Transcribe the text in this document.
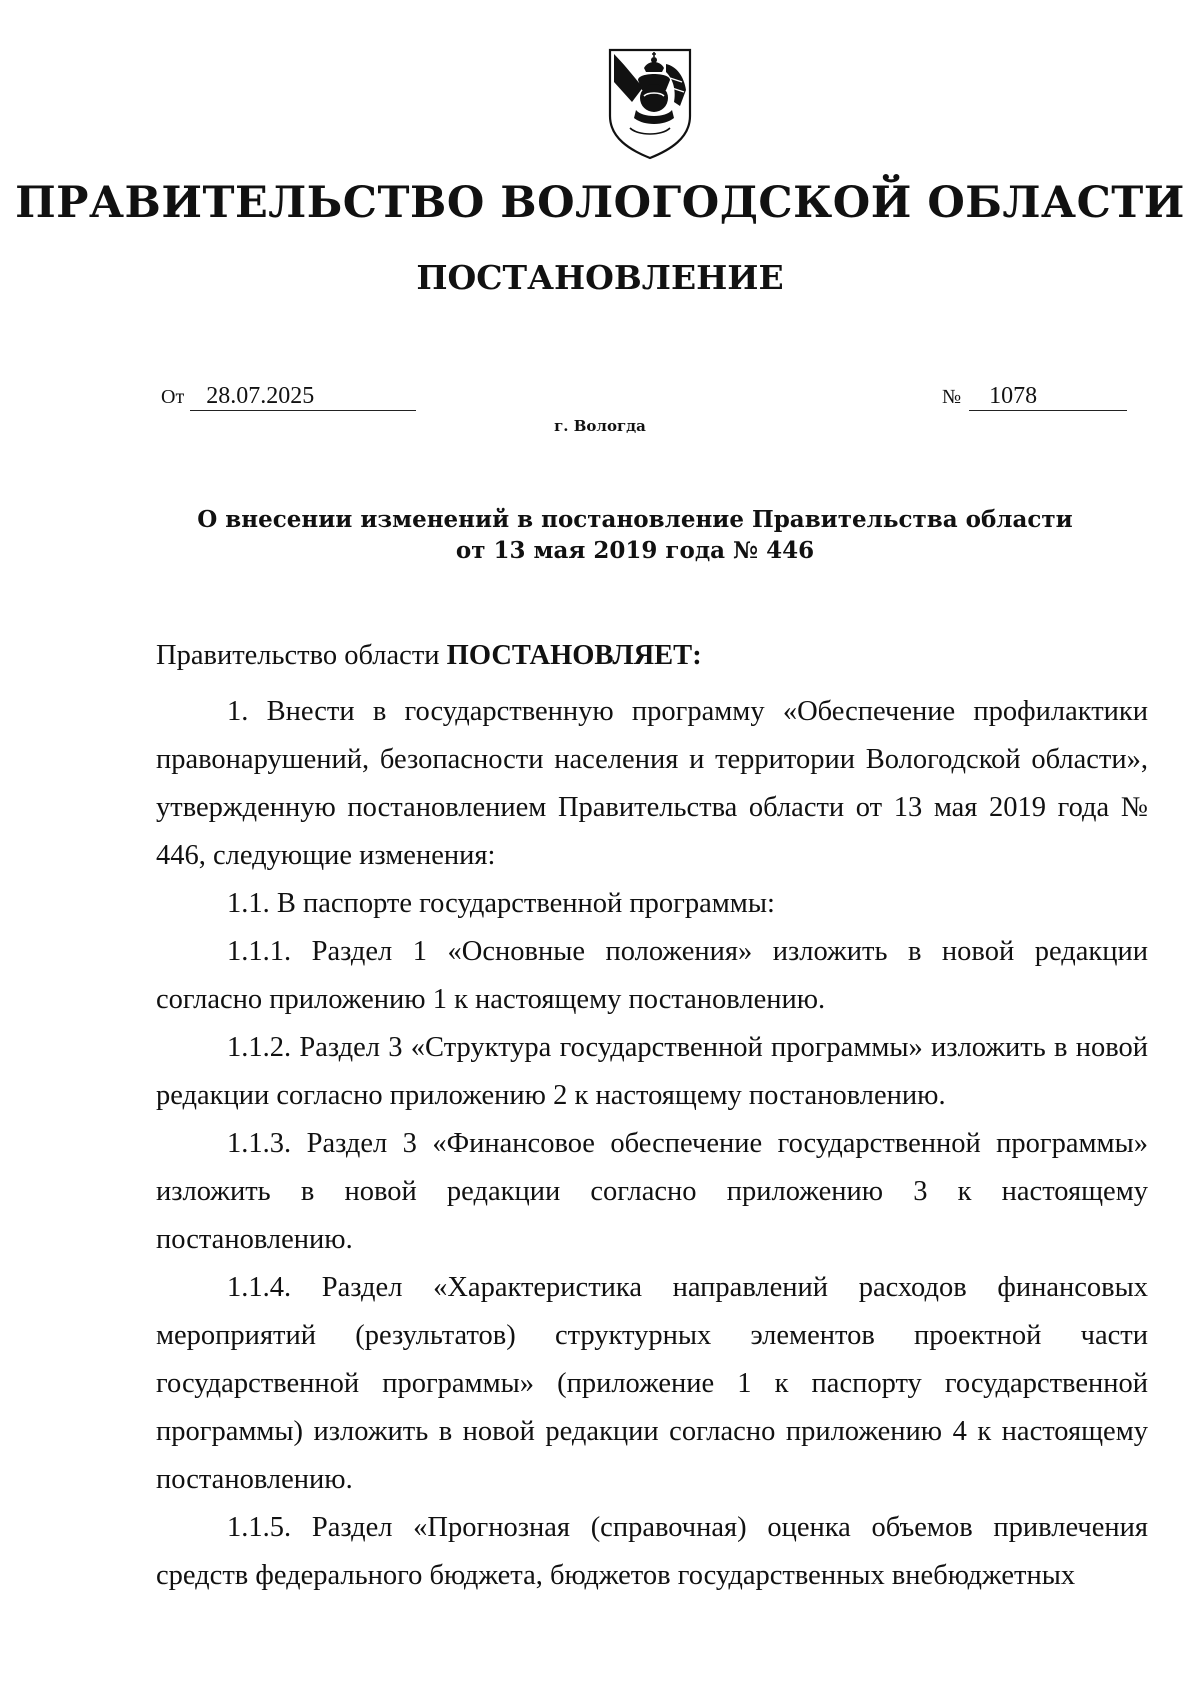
ПРАВИТЕЛЬСТВО ВОЛОГОДСКОЙ ОБЛАСТИ
ПОСТАНОВЛЕНИЕ
От 28.07.2025	№ 1078
г. Вологда
О внесении изменений в постановление Правительства области
от 13 мая 2019 года № 446

Правительство области ПОСТАНОВЛЯЕТ:

1. Внести в государственную программу «Обеспечение профилактики правонарушений, безопасности населения и территории Вологодской области», утвержденную постановлением Правительства области от 13 мая 2019 года № 446, следующие изменения:

1.1. В паспорте государственной программы:

1.1.1. Раздел 1 «Основные положения» изложить в новой редакции согласно приложению 1 к настоящему постановлению.

1.1.2. Раздел 3 «Структура государственной программы» изложить в новой редакции согласно приложению 2 к настоящему постановлению.

1.1.3. Раздел 3 «Финансовое обеспечение государственной программы» изложить в новой редакции согласно приложению 3 к настоящему постановлению.

1.1.4. Раздел «Характеристика направлений расходов финансовых мероприятий (результатов) структурных элементов проектной части государственной программы» (приложение 1 к паспорту государственной программы) изложить в новой редакции согласно приложению 4 к настоящему постановлению.

1.1.5. Раздел «Прогнозная (справочная) оценка объемов привлечения средств федерального бюджета, бюджетов государственных внебюджетных
